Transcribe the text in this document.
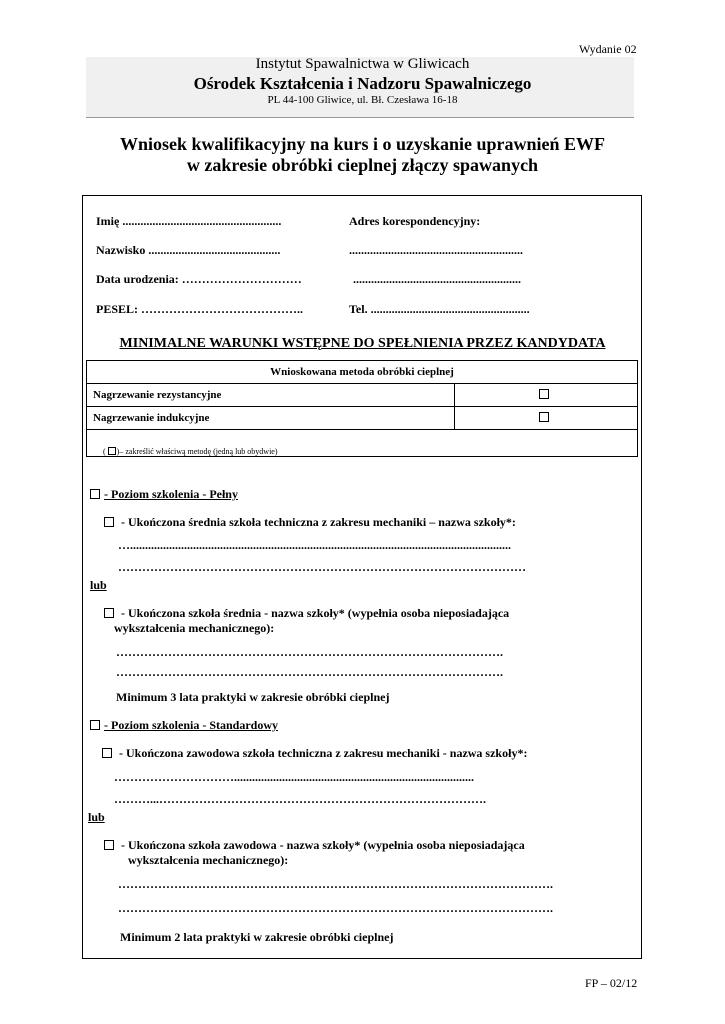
Wydanie 02
Instytut Spawalnictwa w Gliwicach
Ośrodek Kształcenia i Nadzoru Spawalniczego
PL 44-100 Gliwice, ul. Bł. Czesława 16-18
Wniosek kwalifikacyjny na kurs i o uzyskanie uprawnień EWF
w zakresie obróbki cieplnej złączy spawanych
Imię .....................................................
Nazwisko ............................................
Data urodzenia: …………………………
PESEL: …………………………………..
Adres korespondencyjny:
..........................................................
........................................................
Tel. .....................................................
MINIMALNE WARUNKI WSTĘPNE DO SPEŁNIENIA PRZEZ KANDYDATA
Wnioskowana metoda obróbki cieplnej	
Nagrzewanie rezystancyjne	
Nagrzewanie indukcyjne	
( )– zakreślić właściwą metodę (jedną lub obydwie)	
- Poziom szkolenia - Pełny
- Ukończona średnia szkoła techniczna z zakresu mechaniki – nazwa szkoły*:
…...............................................................................................................................
…………………………………………………………………………………………
lub
- Ukończona szkoła średnia - nazwa szkoły* (wypełnia osoba nieposiadająca
wykształcenia mechanicznego):
…………………………………………………………………………………….
…………………………………………………………………………………….
Minimum 3 lata praktyki w zakresie obróbki cieplnej
- Poziom szkolenia - Standardowy
- Ukończona zawodowa szkoła techniczna z zakresu mechaniki - nazwa szkoły*:
…………………………................................................................................
………...……………………………………………………………………….
lub
- Ukończona szkoła zawodowa - nazwa szkoły* (wypełnia osoba nieposiadająca
wykształcenia mechanicznego):
……………………………………………………………………………………………….
……………………………………………………………………………………………….
Minimum 2 lata praktyki w zakresie obróbki cieplnej
FP – 02/12
